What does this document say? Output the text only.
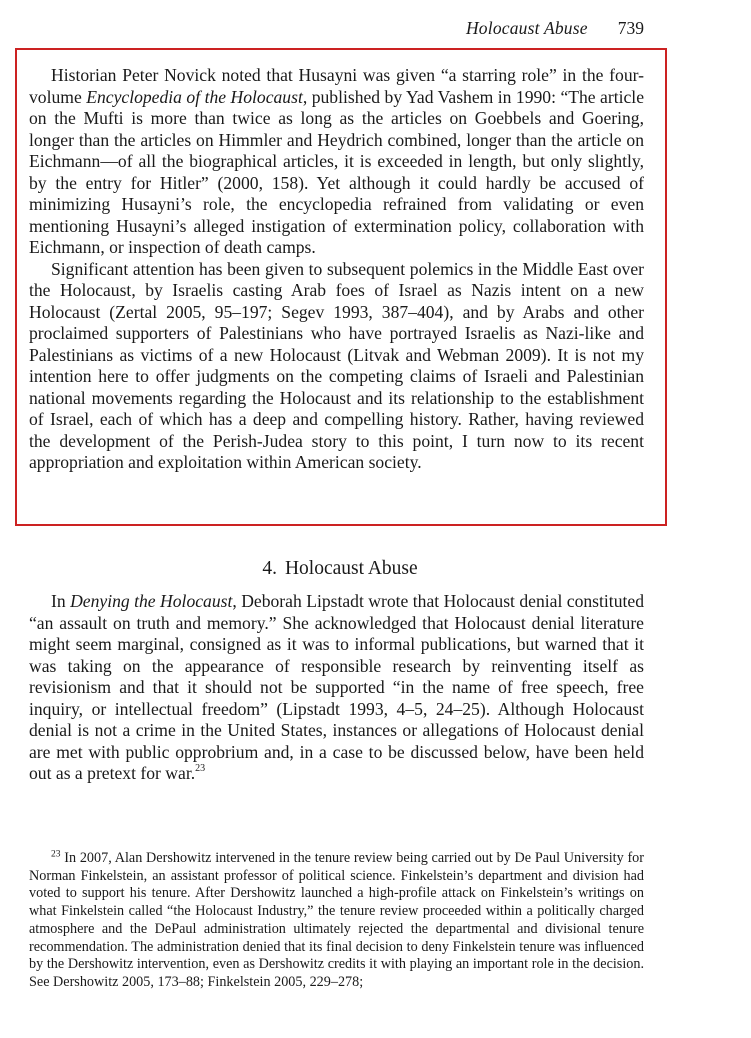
Holocaust Abuse 739

Historian Peter Novick noted that Husayni was given “a starring role” in the four-volume Encyclopedia of the Holocaust, published by Yad Vashem in 1990: “The article on the Mufti is more than twice as long as the articles on Goebbels and Goering, longer than the articles on Himmler and Heydrich combined, longer than the article on Eichmann—of all the biographical articles, it is exceeded in length, but only slightly, by the entry for Hitler” (2000, 158). Yet although it could hardly be accused of minimizing Husayni’s role, the encyclopedia refrained from validating or even mentioning Husayni’s alleged instigation of extermination policy, collaboration with Eichmann, or inspection of death camps.

Significant attention has been given to subsequent polemics in the Middle East over the Holocaust, by Israelis casting Arab foes of Israel as Nazis intent on a new Holocaust (Zertal 2005, 95–197; Segev 1993, 387–404), and by Arabs and other proclaimed supporters of Palestinians who have portrayed Israelis as Nazi-like and Palestinians as victims of a new Holocaust (Litvak and Webman 2009). It is not my intention here to offer judgments on the competing claims of Israeli and Palestinian national movements regarding the Holocaust and its relationship to the establishment of Israel, each of which has a deep and compelling history. Rather, having reviewed the development of the Perish-Judea story to this point, I turn now to its recent appropriation and exploitation within American society.

4. Holocaust Abuse

In Denying the Holocaust, Deborah Lipstadt wrote that Holocaust denial constituted “an assault on truth and memory.” She acknowledged that Holocaust denial literature might seem marginal, consigned as it was to informal publications, but warned that it was taking on the appearance of responsible research by reinventing itself as revisionism and that it should not be supported “in the name of free speech, free inquiry, or intellectual freedom” (Lipstadt 1993, 4–5, 24–25). Although Holocaust denial is not a crime in the United States, instances or allegations of Holocaust denial are met with public opprobrium and, in a case to be discussed below, have been held out as a pretext for war.$^{23}$

$^{23}$ In 2007, Alan Dershowitz intervened in the tenure review being carried out by De Paul University for Norman Finkelstein, an assistant professor of political science. Finkelstein’s department and division had voted to support his tenure. After Dershowitz launched a high-profile attack on Finkelstein’s writings on what Finkelstein called “the Holocaust Industry,” the tenure review proceeded within a politically charged atmosphere and the DePaul administration ultimately rejected the departmental and divisional tenure recommendation. The administration denied that its final decision to deny Finkelstein tenure was influenced by the Dershowitz intervention, even as Dershowitz credits it with playing an important role in the decision. See Dershowitz 2005, 173–88; Finkelstein 2005, 229–278;
